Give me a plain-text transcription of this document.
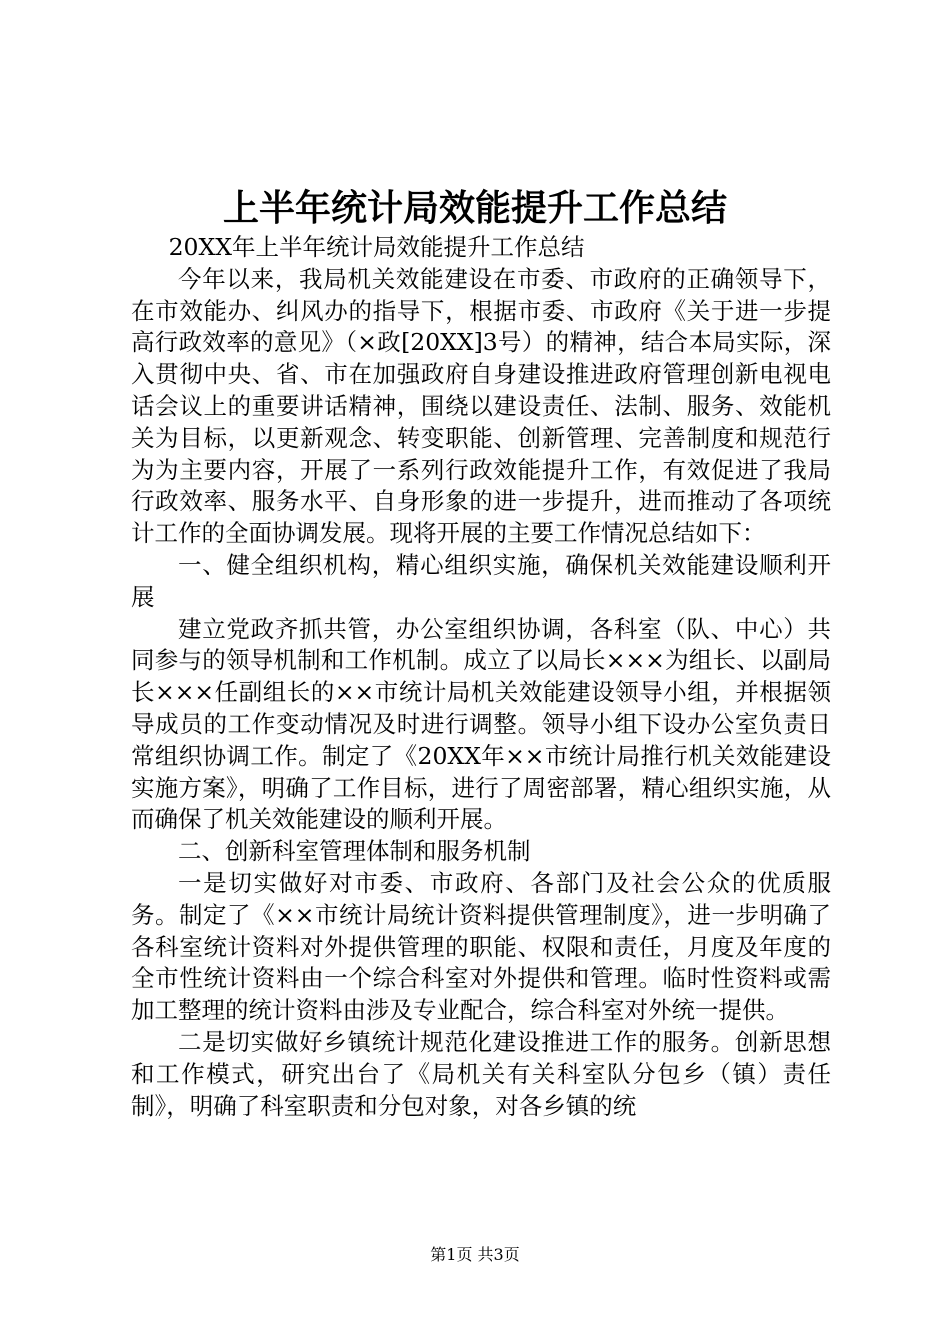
上半年统计局效能提升工作总结

20XX年上半年统计局效能提升工作总结

今年以来，我局机关效能建设在市委、市政府的正确领导下，在市效能办、纠风办的指导下，根据市委、市政府《关于进一步提高行政效率的意见》（×政[20XX]3号）的精神，结合本局实际，深入贯彻中央、省、市在加强政府自身建设推进政府管理创新电视电话会议上的重要讲话精神，围绕以建设责任、法制、服务、效能机关为目标，以更新观念、转变职能、创新管理、完善制度和规范行为为主要内容，开展了一系列行政效能提升工作，有效促进了我局行政效率、服务水平、自身形象的进一步提升，进而推动了各项统计工作的全面协调发展。现将开展的主要工作情况总结如下：

一、健全组织机构，精心组织实施，确保机关效能建设顺利开展

建立党政齐抓共管，办公室组织协调，各科室（队、中心）共同参与的领导机制和工作机制。成立了以局长×××为组长、以副局长×××任副组长的××市统计局机关效能建设领导小组，并根据领导成员的工作变动情况及时进行调整。领导小组下设办公室负责日常组织协调工作。制定了《20XX年××市统计局推行机关效能建设实施方案》，明确了工作目标，进行了周密部署，精心组织实施，从而确保了机关效能建设的顺利开展。

二、创新科室管理体制和服务机制

一是切实做好对市委、市政府、各部门及社会公众的优质服务。制定了《××市统计局统计资料提供管理制度》，进一步明确了各科室统计资料对外提供管理的职能、权限和责任，月度及年度的全市性统计资料由一个综合科室对外提供和管理。临时性资料或需加工整理的统计资料由涉及专业配合，综合科室对外统一提供。

二是切实做好乡镇统计规范化建设推进工作的服务。创新思想和工作模式，研究出台了《局机关有关科室队分包乡（镇）责任制》，明确了科室职责和分包对象，对各乡镇的统

第1页 共3页
